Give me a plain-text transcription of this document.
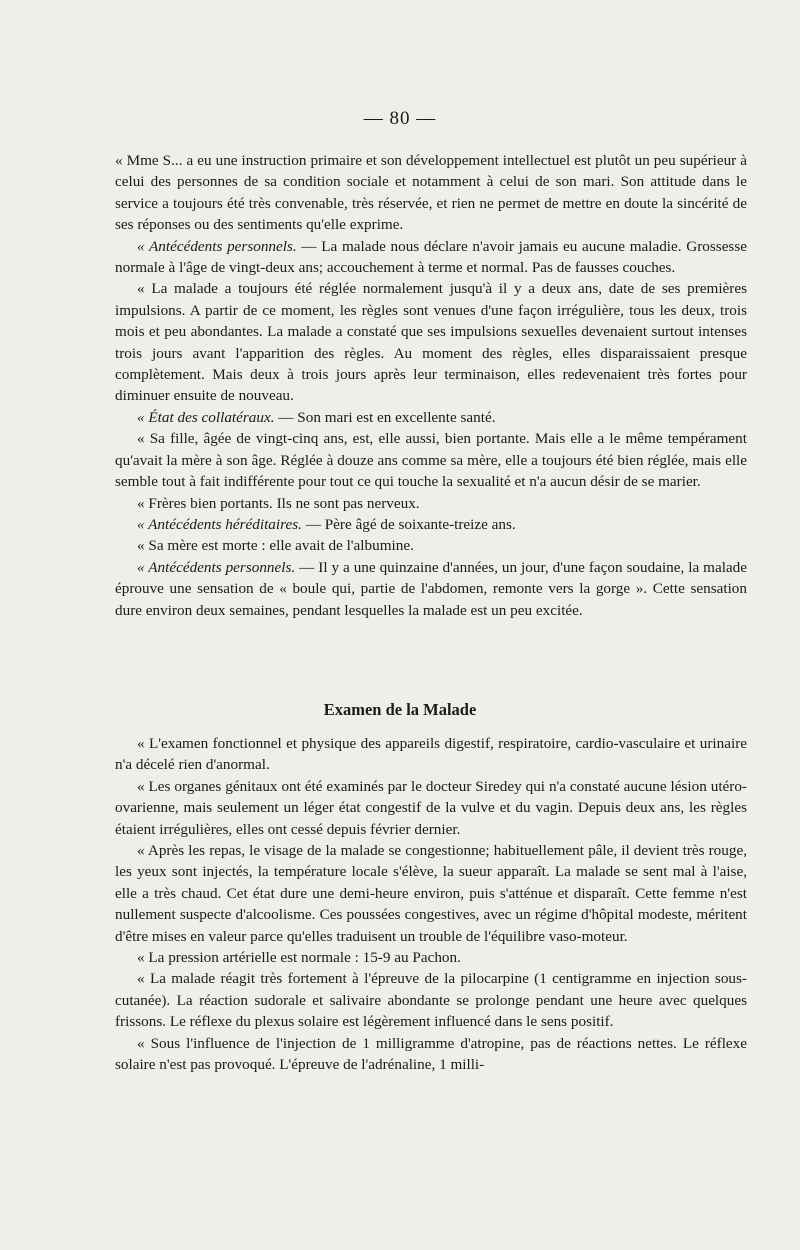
— 80 —

« Mme S... a eu une instruction primaire et son développement intellectuel est plutôt un peu supérieur à celui des personnes de sa condition sociale et notamment à celui de son mari. Son attitude dans le service a toujours été très convenable, très réservée, et rien ne permet de mettre en doute la sincérité de ses réponses ou des sentiments qu'elle exprime.

« Antécédents personnels. — La malade nous déclare n'avoir jamais eu aucune maladie. Grossesse normale à l'âge de vingt-deux ans; accouchement à terme et normal. Pas de fausses couches.

« La malade a toujours été réglée normalement jusqu'à il y a deux ans, date de ses premières impulsions. A partir de ce moment, les règles sont venues d'une façon irrégulière, tous les deux, trois mois et peu abondantes. La malade a constaté que ses impulsions sexuelles devenaient surtout intenses trois jours avant l'apparition des règles. Au moment des règles, elles disparaissaient presque complètement. Mais deux à trois jours après leur terminaison, elles redevenaient très fortes pour diminuer ensuite de nouveau.

« État des collatéraux. — Son mari est en excellente santé.

« Sa fille, âgée de vingt-cinq ans, est, elle aussi, bien portante. Mais elle a le même tempérament qu'avait la mère à son âge. Réglée à douze ans comme sa mère, elle a toujours été bien réglée, mais elle semble tout à fait indifférente pour tout ce qui touche la sexualité et n'a aucun désir de se marier.

« Frères bien portants. Ils ne sont pas nerveux.

« Antécédents héréditaires. — Père âgé de soixante-treize ans.

« Sa mère est morte : elle avait de l'albumine.

« Antécédents personnels. — Il y a une quinzaine d'années, un jour, d'une façon soudaine, la malade éprouve une sensation de « boule qui, partie de l'abdomen, remonte vers la gorge ». Cette sensation dure environ deux semaines, pendant lesquelles la malade est un peu excitée.

Examen de la Malade

« L'examen fonctionnel et physique des appareils digestif, respiratoire, cardio-vasculaire et urinaire n'a décelé rien d'anormal.

« Les organes génitaux ont été examinés par le docteur Siredey qui n'a constaté aucune lésion utéro-ovarienne, mais seulement un léger état congestif de la vulve et du vagin. Depuis deux ans, les règles étaient irrégulières, elles ont cessé depuis février dernier.

« Après les repas, le visage de la malade se congestionne; habituellement pâle, il devient très rouge, les yeux sont injectés, la température locale s'élève, la sueur apparaît. La malade se sent mal à l'aise, elle a très chaud. Cet état dure une demi-heure environ, puis s'atténue et disparaît. Cette femme n'est nullement suspecte d'alcoolisme. Ces poussées congestives, avec un régime d'hôpital modeste, méritent d'être mises en valeur parce qu'elles traduisent un trouble de l'équilibre vaso-moteur.

« La pression artérielle est normale : 15-9 au Pachon.

« La malade réagit très fortement à l'épreuve de la pilocarpine (1 centigramme en injection sous-cutanée). La réaction sudorale et salivaire abondante se prolonge pendant une heure avec quelques frissons. Le réflexe du plexus solaire est légèrement influencé dans le sens positif.

« Sous l'influence de l'injection de 1 milligramme d'atropine, pas de réactions nettes. Le réflexe solaire n'est pas provoqué. L'épreuve de l'adrénaline, 1 milli-
